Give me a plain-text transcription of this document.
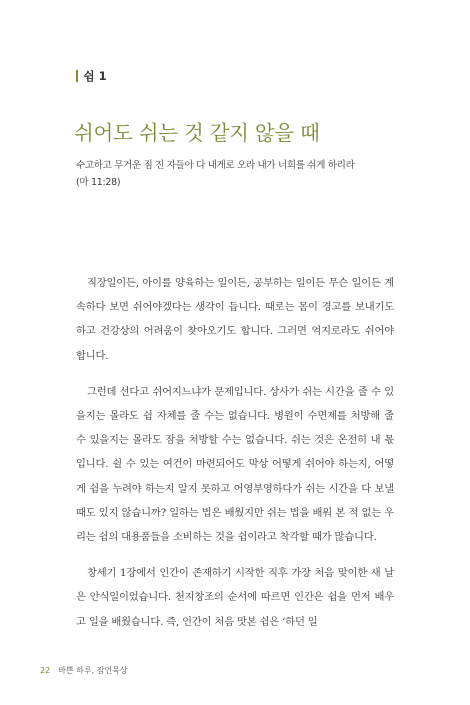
쉼 1
쉬어도 쉬는 것 같지 않을 때
수고하고 무거운 짐 진 자들아 다 내게로 오라 내가 너희를 쉬게 하리라
(마 11:28)

직장일이든, 아이를 양육하는 일이든, 공부하는 일이든 무슨 일이든 계속하다 보면 쉬어야겠다는 생각이 듭니다. 때로는 몸이 경고를 보내기도 하고 건강상의 어려움이 찾아오기도 합니다. 그러면 억지로라도 쉬어야 합니다.

그런데 선다고 쉬어지느냐가 문제입니다. 상사가 쉬는 시간을 줄 수 있을지는 몰라도 쉼 자체를 줄 수는 없습니다. 병원이 수면제를 처방해 줄 수 있을지는 몰라도 잠을 처방할 수는 없습니다. 쉬는 것은 온전히 내 몫입니다. 쉴 수 있는 여건이 마련되어도 막상 어떻게 쉬어야 하는지, 어떻게 쉼을 누려야 하는지 알지 못하고 어영부영하다가 쉬는 시간을 다 보낼 때도 있지 않습니까? 일하는 법은 배웠지만 쉬는 법을 배워 본 적 없는 우리는 쉼의 대용품들을 소비하는 것을 쉼이라고 착각할 때가 많습니다.

창세기 1장에서 인간이 존재하기 시작한 직후 가장 처음 맞이한 새 날은 안식일이었습니다. 천지창조의 순서에 따르면 인간은 쉼을 먼저 배우고 일을 배웠습니다. 즉, 인간이 처음 맛본 쉼은 ‘하던 일

22 바쁜 하루, 잠언묵상
